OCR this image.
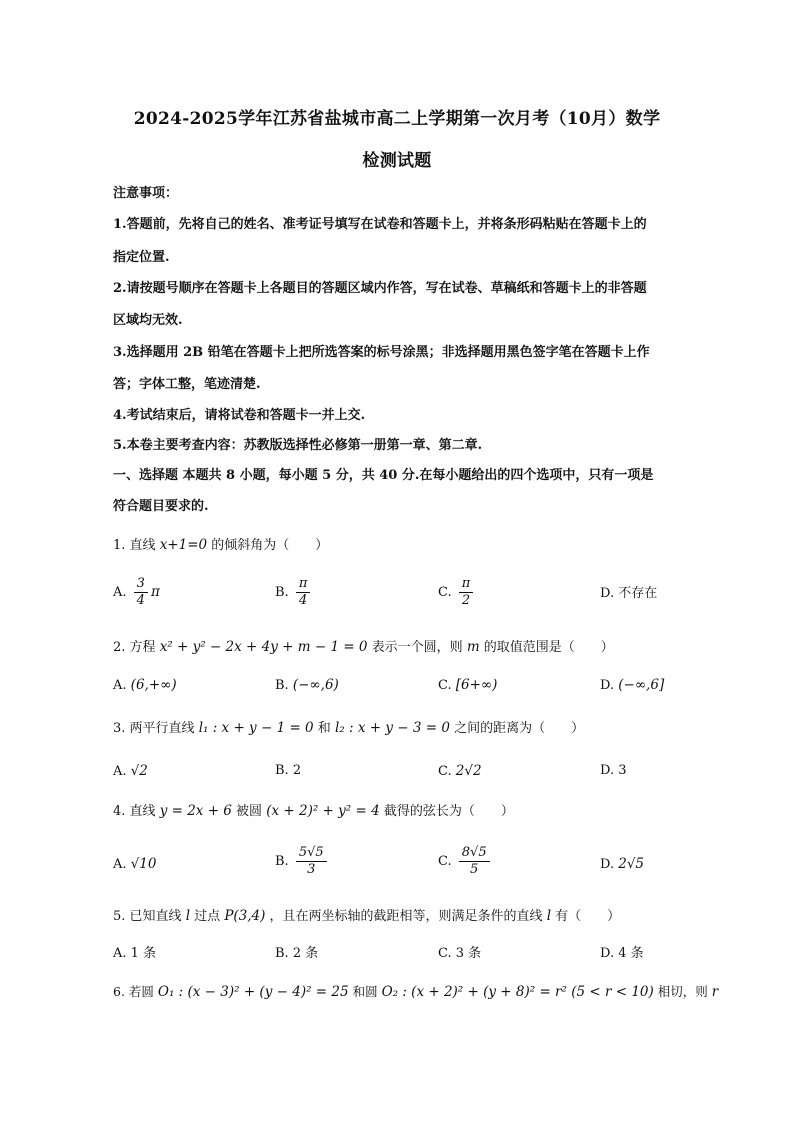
2024-2025学年江苏省盐城市高二上学期第一次月考（10月）数学
检测试题
注意事项：
1.答题前，先将自己的姓名、准考证号填写在试卷和答题卡上，并将条形码粘贴在答题卡上的
指定位置.
2.请按题号顺序在答题卡上各题目的答题区域内作答，写在试卷、草稿纸和答题卡上的非答题
区域均无效.
3.选择题用 2B 铅笔在答题卡上把所选答案的标号涂黑；非选择题用黑色签字笔在答题卡上作
答；字体工整，笔迹清楚.
4.考试结束后，请将试卷和答题卡一并上交.
5.本卷主要考查内容：苏教版选择性必修第一册第一章、第二章.
一、选择题 本题共 8 小题，每小题 5 分，共 40 分.在每小题给出的四个选项中，只有一项是
符合题目要求的.
1. 直线 x+1=0 的倾斜角为（　　）
A. $\frac{3}{4}$ π	B. $\frac{\pi}{4}$	C. $\frac{\pi}{2}$	D. 不存在
2. 方程 x² + y² − 2x + 4y + m − 1 = 0 表示一个圆，则 m 的取值范围是（　　）
A. (6,+∞)	B. (−∞,6)	C. [6+∞)	D. (−∞,6]
3. 两平行直线 l₁ : x + y − 1 = 0 和 l₂ : x + y − 3 = 0 之间的距离为（　　）
A. √2	B. 2	C. 2√2	D. 3
4. 直线 y = 2x + 6 被圆 (x + 2)² + y² = 4 截得的弦长为（　　）
A. √10	B. $\frac{5√5}{3}$	C. $\frac{8√5}{5}$	D. 2√5
5. 已知直线 l 过点 P(3,4) ，且在两坐标轴的截距相等，则满足条件的直线 l 有（　　）
A. 1 条	B. 2 条	C. 3 条	D. 4 条
6. 若圆 O₁ : (x − 3)² + (y − 4)² = 25 和圆 O₂ : (x + 2)² + (y + 8)² = r² (5 < r < 10) 相切，则 r
